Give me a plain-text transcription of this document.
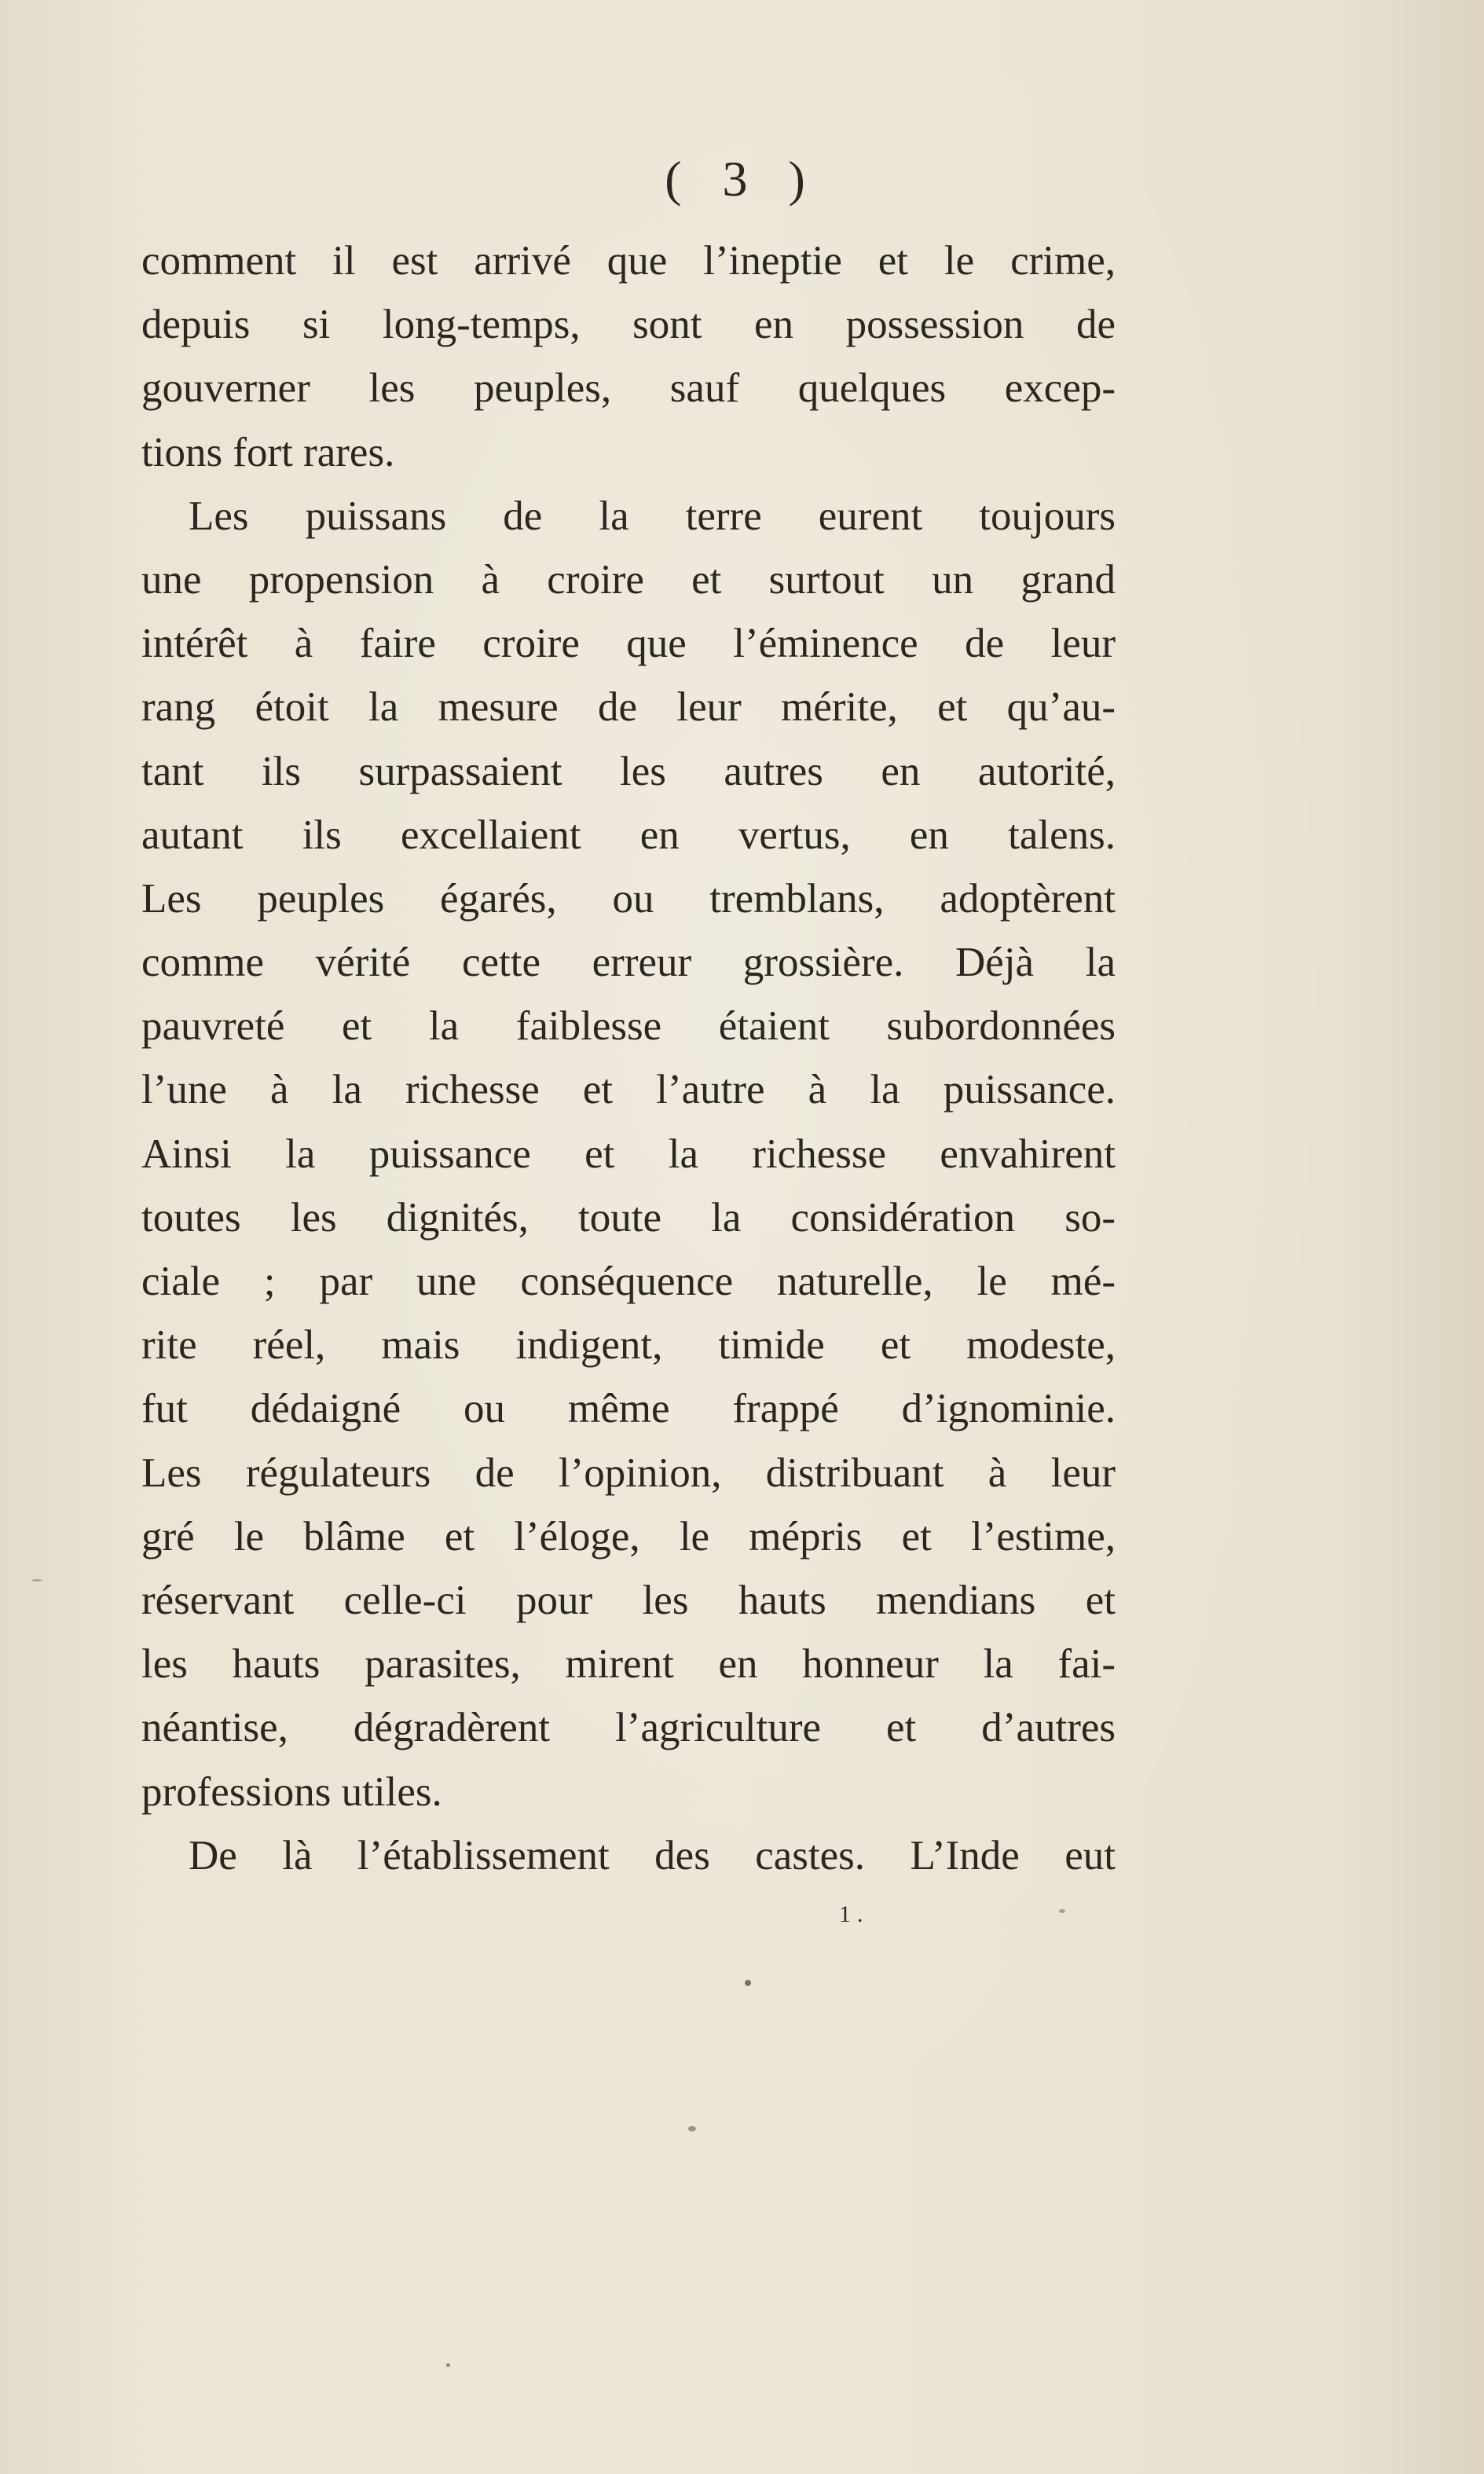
( 3 )
comment il est arrivé que l’ineptie et le crime,
depuis si long-temps, sont en possession de
gouverner les peuples, sauf quelques excep-
tions fort rares.
Les puissans de la terre eurent toujours
une propension à croire et surtout un grand
intérêt à faire croire que l’éminence de leur
rang étoit la mesure de leur mérite, et qu’au-
tant ils surpassaient les autres en autorité,
autant ils excellaient en vertus, en talens.
Les peuples égarés, ou tremblans, adoptèrent
comme vérité cette erreur grossière. Déjà la
pauvreté et la faiblesse étaient subordonnées
l’une à la richesse et l’autre à la puissance.
Ainsi la puissance et la richesse envahirent
toutes les dignités, toute la considération so-
ciale ; par une conséquence naturelle, le mé-
rite réel, mais indigent, timide et modeste,
fut dédaigné ou même frappé d’ignominie.
Les régulateurs de l’opinion, distribuant à leur
gré le blâme et l’éloge, le mépris et l’estime,
réservant celle-ci pour les hauts mendians et
les hauts parasites, mirent en honneur la fai-
néantise, dégradèrent l’agriculture et d’autres
professions utiles.
De là l’établissement des castes. L’Inde eut
1.
